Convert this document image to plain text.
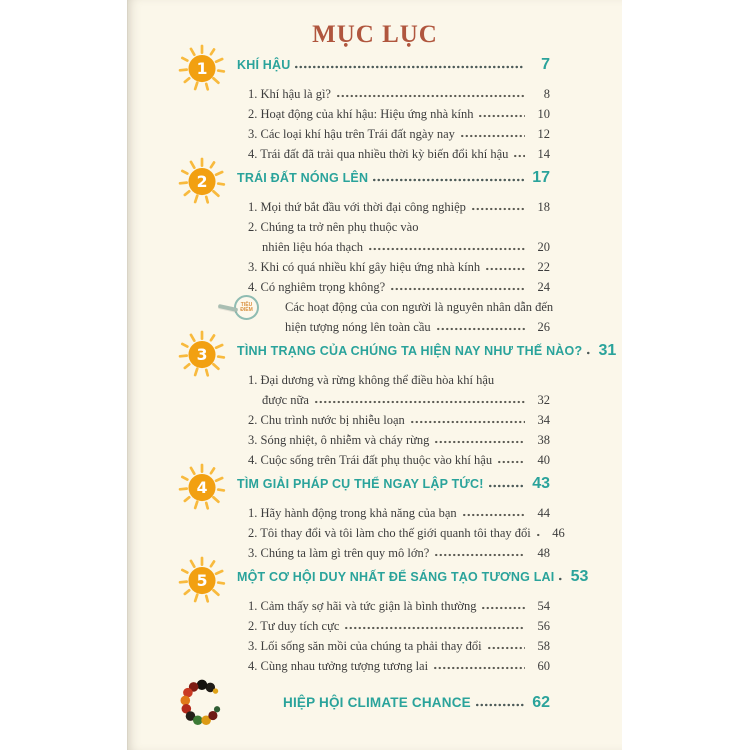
MỤC LỤC
1 KHÍ HẬU	7
1. Khí hậu là gì?	8
2. Hoạt động của khí hậu: Hiệu ứng nhà kính	10
3. Các loại khí hậu trên Trái đất ngày nay	12
4. Trái đất đã trải qua nhiều thời kỳ biến đổi khí hậu	14
2 TRÁI ĐẤT NÓNG LÊN	17
1. Mọi thứ bắt đầu với thời đại công nghiệp	18
2. Chúng ta trở nên phụ thuộc vào
nhiên liệu hóa thạch	20
3. Khi có quá nhiều khí gây hiệu ứng nhà kính	22
4. Có nghiêm trọng không?	24
TIÊU ĐIỂM	Các hoạt động của con người là nguyên nhân dẫn đến
hiện tượng nóng lên toàn cầu	26
3 TÌNH TRẠNG CỦA CHÚNG TA HIỆN NAY NHƯ THẾ NÀO? 31
1. Đại dương và rừng không thể điều hòa khí hậu
được nữa	32
2. Chu trình nước bị nhiễu loạn	34
3. Sóng nhiệt, ô nhiễm và cháy rừng	38
4. Cuộc sống trên Trái đất phụ thuộc vào khí hậu	40
4 TÌM GIẢI PHÁP CỤ THỂ NGAY LẬP TỨC!	43
1. Hãy hành động trong khả năng của bạn	44
2. Tôi thay đổi và tôi làm cho thế giới quanh tôi thay đổi	46
3. Chúng ta làm gì trên quy mô lớn?	48
5 MỘT CƠ HỘI DUY NHẤT ĐỂ SÁNG TẠO TƯƠNG LAI 53
1. Cảm thấy sợ hãi và tức giận là bình thường	54
2. Tư duy tích cực	56
3. Lối sống săn mồi của chúng ta phải thay đổi	58
4. Cùng nhau tưởng tượng tương lai	60
HIỆP HỘI CLIMATE CHANCE	62
